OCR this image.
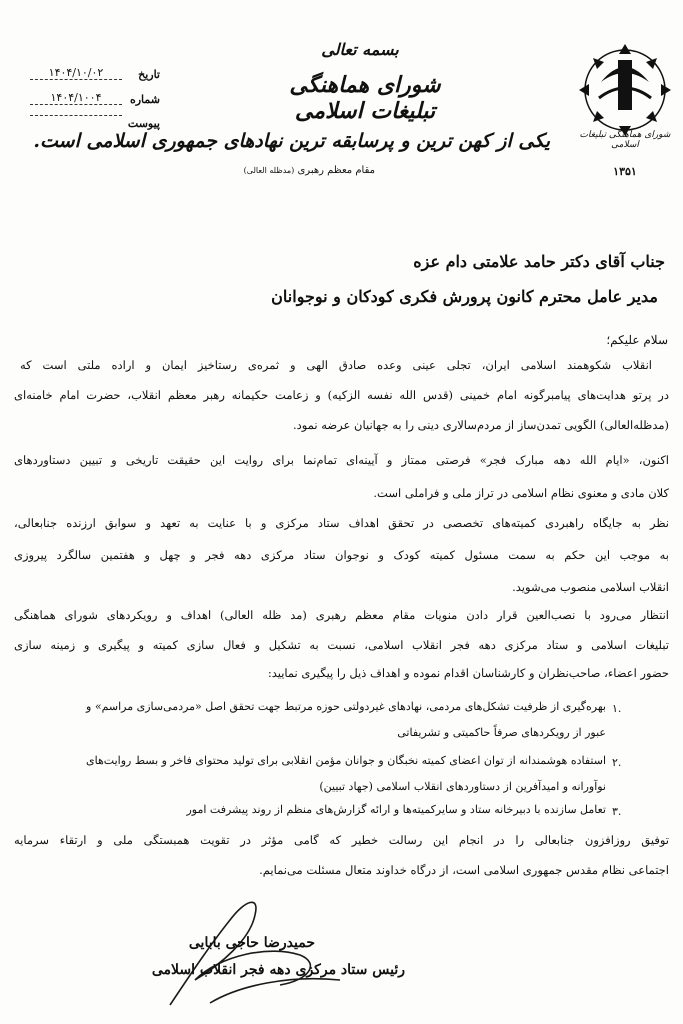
شورای هماهنگی تبلیغات اسلامی
۱۳۵۱
بسمه تعالی
شورای هماهنگی تبلیغات اسلامی
یکی از کهن ترین و پرسابقه ترین نهادهای جمهوری اسلامی است.
مقام معظم رهبری (مدظله العالی)
۱۴۰۴/۱۰/۰۲	تاریخ
۱۴۰۴/۱۰۰۴	شماره
پیوست
جناب آقای دکتر حامد علامتی دام عزه
مدیر عامل محترم کانون پرورش فکری کودکان و نوجوانان
سلام علیکم؛
انقلاب شکوهمند اسلامی ایران، تجلی عینی وعده صادق الهی و ثمره‌ی رستاخیز ایمان و اراده ملتی است که
در پرتو هدایت‌های پیامبرگونه امام خمینی (قدس الله نفسه الزکیه) و زعامت حکیمانه رهبر معظم انقلاب، حضرت امام خامنه‌ای
(مدظله‌العالی) الگویی تمدن‌ساز از مردم‌سالاری دینی را به جهانیان عرضه نمود.
اکنون، «ایام الله دهه مبارک فجر» فرصتی ممتاز و آیینه‌ای تمام‌نما برای روایت این حقیقت تاریخی و تبیین دستاوردهای
کلان مادی و معنوی نظام اسلامی در تراز ملی و فراملی است.
نظر به جایگاه راهبردی کمیته‌های تخصصی در تحقق اهداف ستاد مرکزی و با عنایت به تعهد و سوابق ارزنده جنابعالی،
به موجب این حکم به سمت مسئول کمیته کودک و نوجوان ستاد مرکزی دهه فجر و چهل و هفتمین سالگرد پیروزی
انقلاب اسلامی منصوب می‌شوید.
انتظار می‌رود با نصب‌العین قرار دادن منویات مقام معظم رهبری (مد ظله العالی) اهداف و رویکردهای شورای هماهنگی
تبلیغات اسلامی و ستاد مرکزی دهه فجر انقلاب اسلامی، نسبت به تشکیل و فعال سازی کمیته و پیگیری و زمینه سازی
حضور اعضاء، صاحب‌نظران و کارشناسان اقدام نموده و اهداف ذیل را پیگیری نمایید:
۱.
بهره‌گیری از ظرفیت تشکل‌های مردمی، نهادهای غیردولتی حوزه مرتبط جهت تحقق اصل «مردمی‌سازی مراسم» و
عبور از رویکردهای صرفاً حاکمیتی و تشریفاتی
۲.
استفاده هوشمندانه از توان اعضای کمیته نخبگان و جوانان مؤمن انقلابی برای تولید محتوای فاخر و بسط روایت‌های
نوآورانه و امیدآفرین از دستاوردهای انقلاب اسلامی (جهاد تبیین)
۳.
تعامل سازنده با دبیرخانه ستاد و سایرکمیته‌ها و ارائه گزارش‌های منظم از روند پیشرفت امور
توفیق روزافزون جنابعالی را در انجام این رسالت خطیر که گامی مؤثر در تقویت همبستگی ملی و ارتقاء سرمایه
اجتماعی نظام مقدس جمهوری اسلامی است، از درگاه خداوند متعال مسئلت می‌نمایم.
حمیدرضا حاجی بابایی
رئیس ستاد مرکزی دهه فجر انقلاب اسلامی
